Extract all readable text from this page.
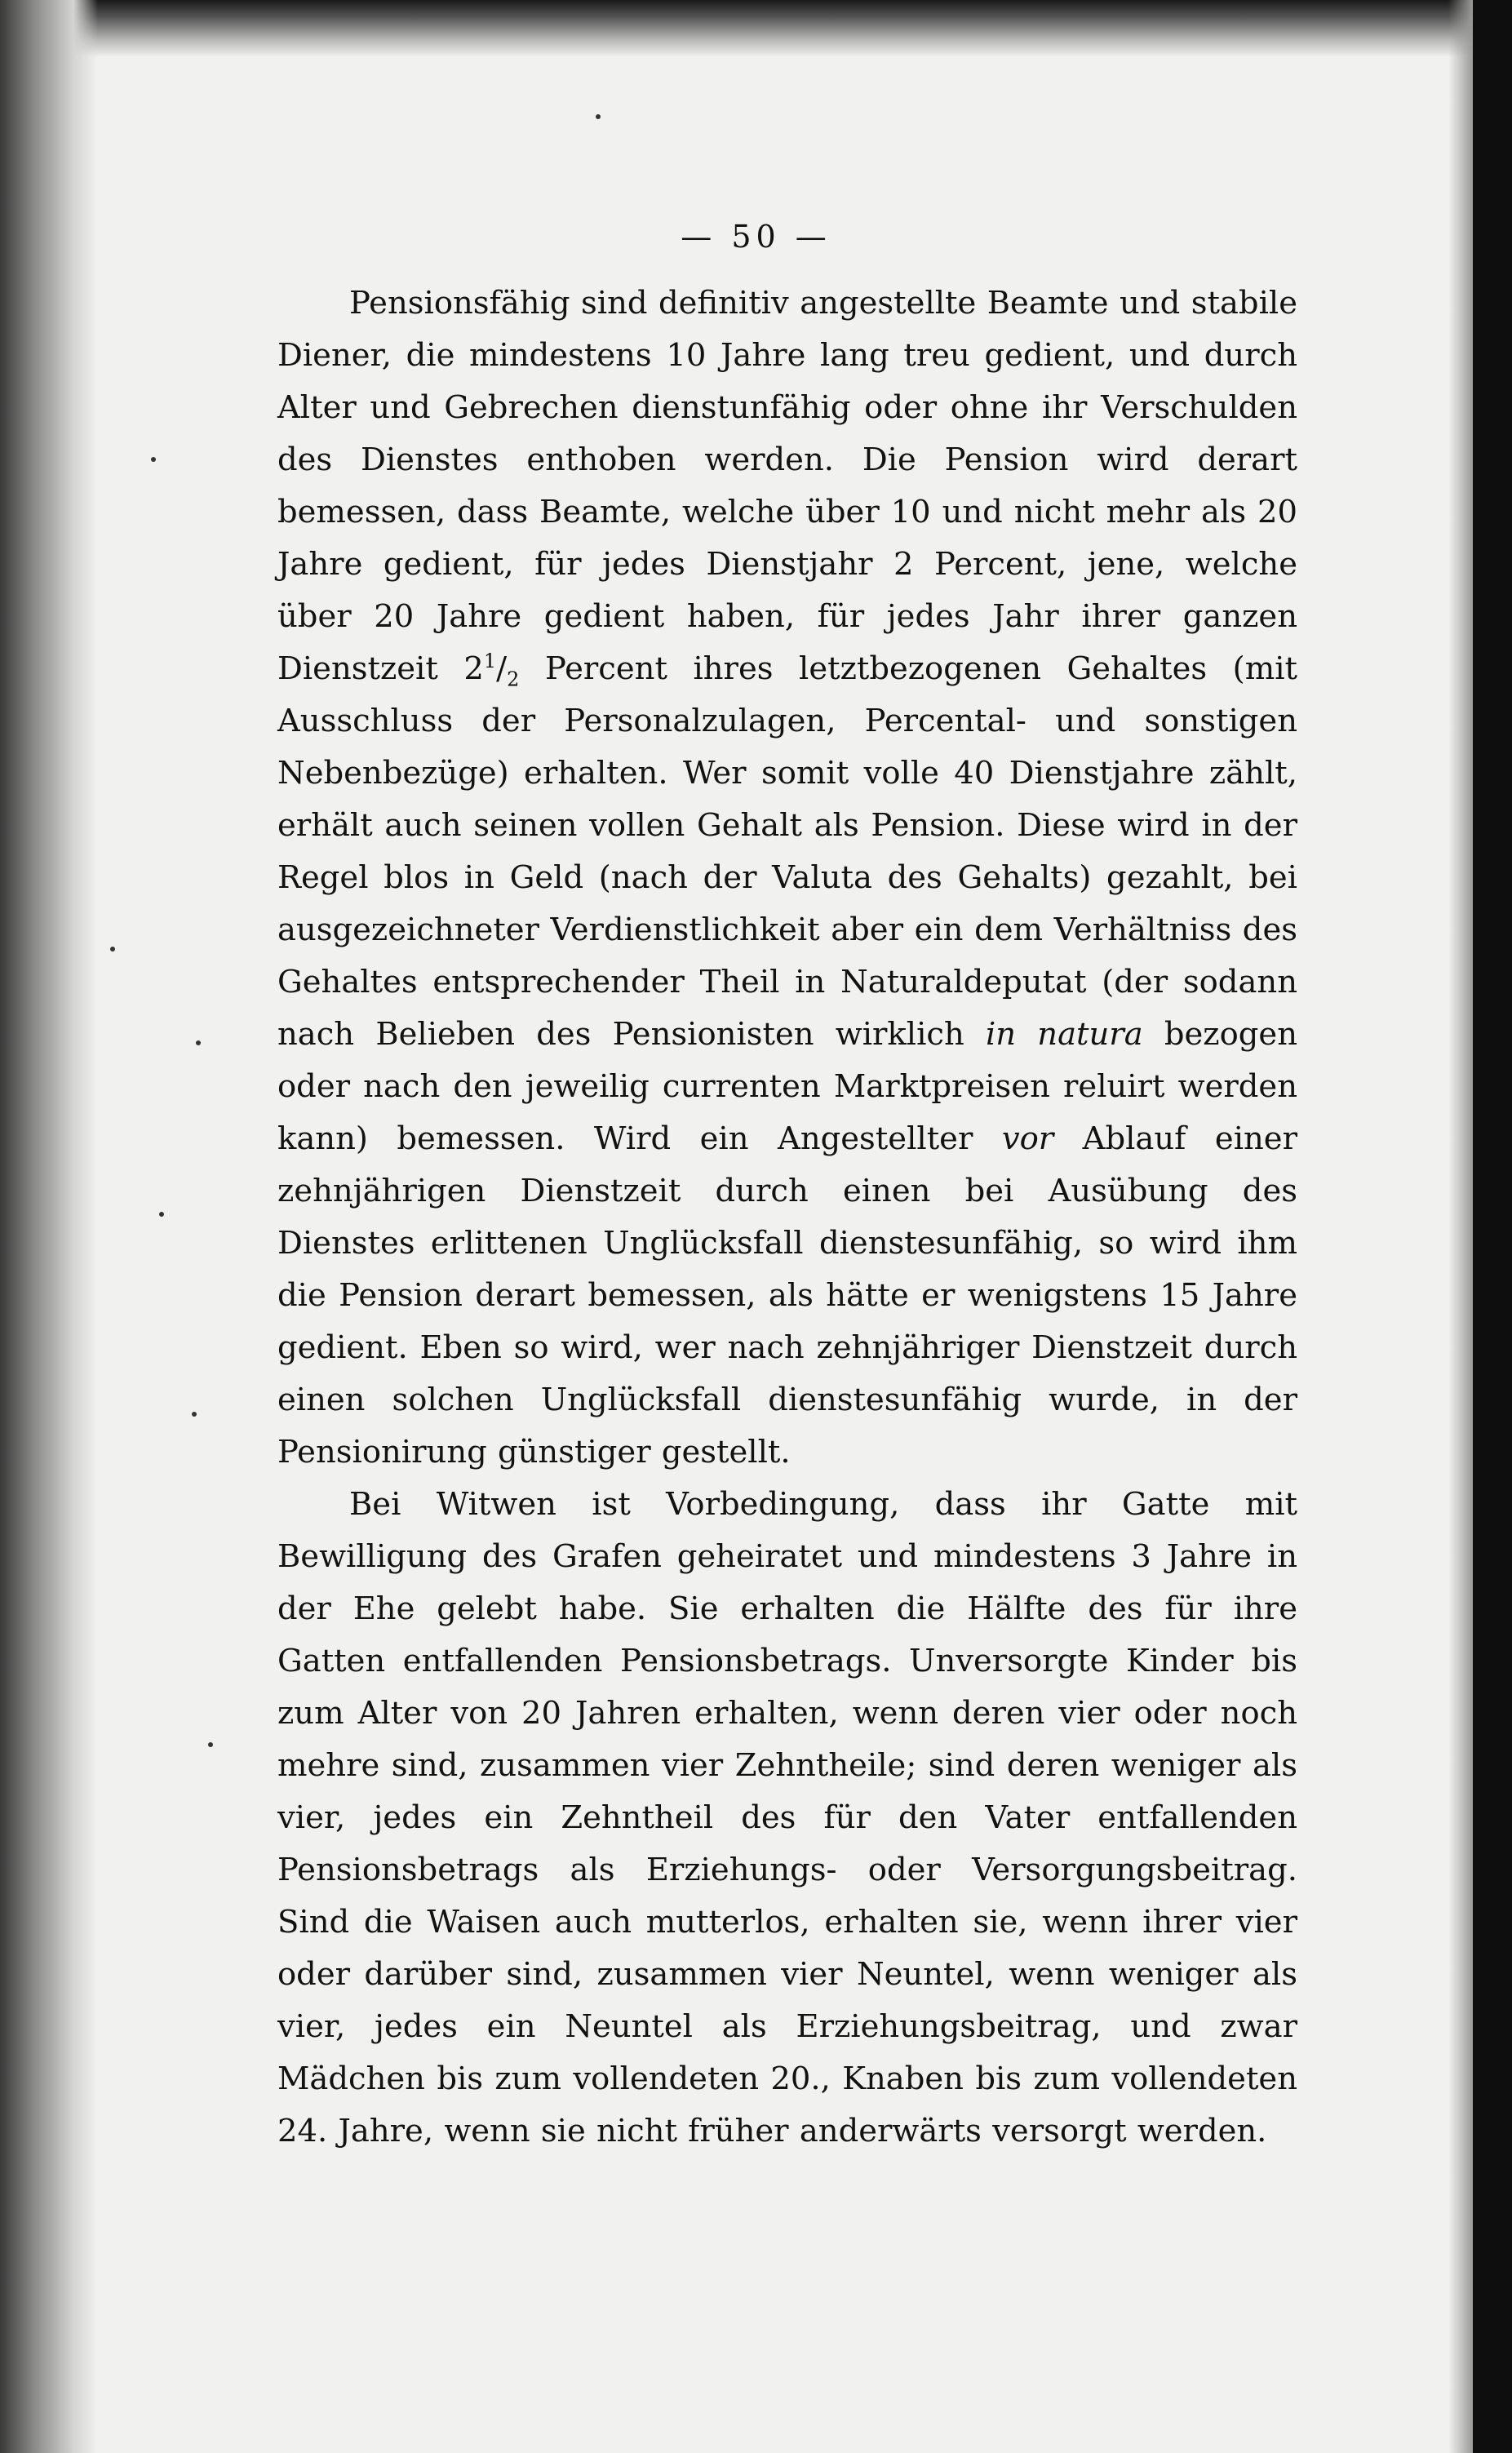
— 50 —

Pensionsfähig sind definitiv angestellte Beamte und stabile Diener, die mindestens 10 Jahre lang treu gedient, und durch Alter und Gebrechen dienstunfähig oder ohne ihr Verschulden des Dienstes enthoben werden. Die Pension wird derart bemessen, dass Beamte, welche über 10 und nicht mehr als 20 Jahre gedient, für jedes Dienstjahr 2 Percent, jene, welche über 20 Jahre gedient haben, für jedes Jahr ihrer ganzen Dienstzeit $2^1/_2$ Percent ihres letztbezogenen Gehaltes (mit Ausschluss der Personalzulagen, Percental- und sonstigen Nebenbezüge) erhalten. Wer somit volle 40 Dienstjahre zählt, erhält auch seinen vollen Gehalt als Pension. Diese wird in der Regel blos in Geld (nach der Valuta des Gehalts) gezahlt, bei ausgezeichneter Verdienstlichkeit aber ein dem Verhältniss des Gehaltes entsprechender Theil in Naturaldeputat (der sodann nach Belieben des Pensionisten wirklich in natura bezogen oder nach den jeweilig currenten Marktpreisen reluirt werden kann) bemessen. Wird ein Angestellter vor Ablauf einer zehnjährigen Dienstzeit durch einen bei Ausübung des Dienstes erlittenen Unglücksfall dienstesunfähig, so wird ihm die Pension derart bemessen, als hätte er wenigstens 15 Jahre gedient. Eben so wird, wer nach zehnjähriger Dienstzeit durch einen solchen Unglücksfall dienstesunfähig wurde, in der Pensionirung günstiger gestellt.

Bei Witwen ist Vorbedingung, dass ihr Gatte mit Bewilligung des Grafen geheiratet und mindestens 3 Jahre in der Ehe gelebt habe. Sie erhalten die Hälfte des für ihre Gatten entfallenden Pensionsbetrags. Unversorgte Kinder bis zum Alter von 20 Jahren erhalten, wenn deren vier oder noch mehre sind, zusammen vier Zehntheile; sind deren weniger als vier, jedes ein Zehntheil des für den Vater entfallenden Pensionsbetrags als Erziehungs- oder Versorgungsbeitrag. Sind die Waisen auch mutterlos, erhalten sie, wenn ihrer vier oder darüber sind, zusammen vier Neuntel, wenn weniger als vier, jedes ein Neuntel als Erziehungsbeitrag, und zwar Mädchen bis zum vollendeten 20., Knaben bis zum vollendeten 24. Jahre, wenn sie nicht früher anderwärts versorgt werden.
